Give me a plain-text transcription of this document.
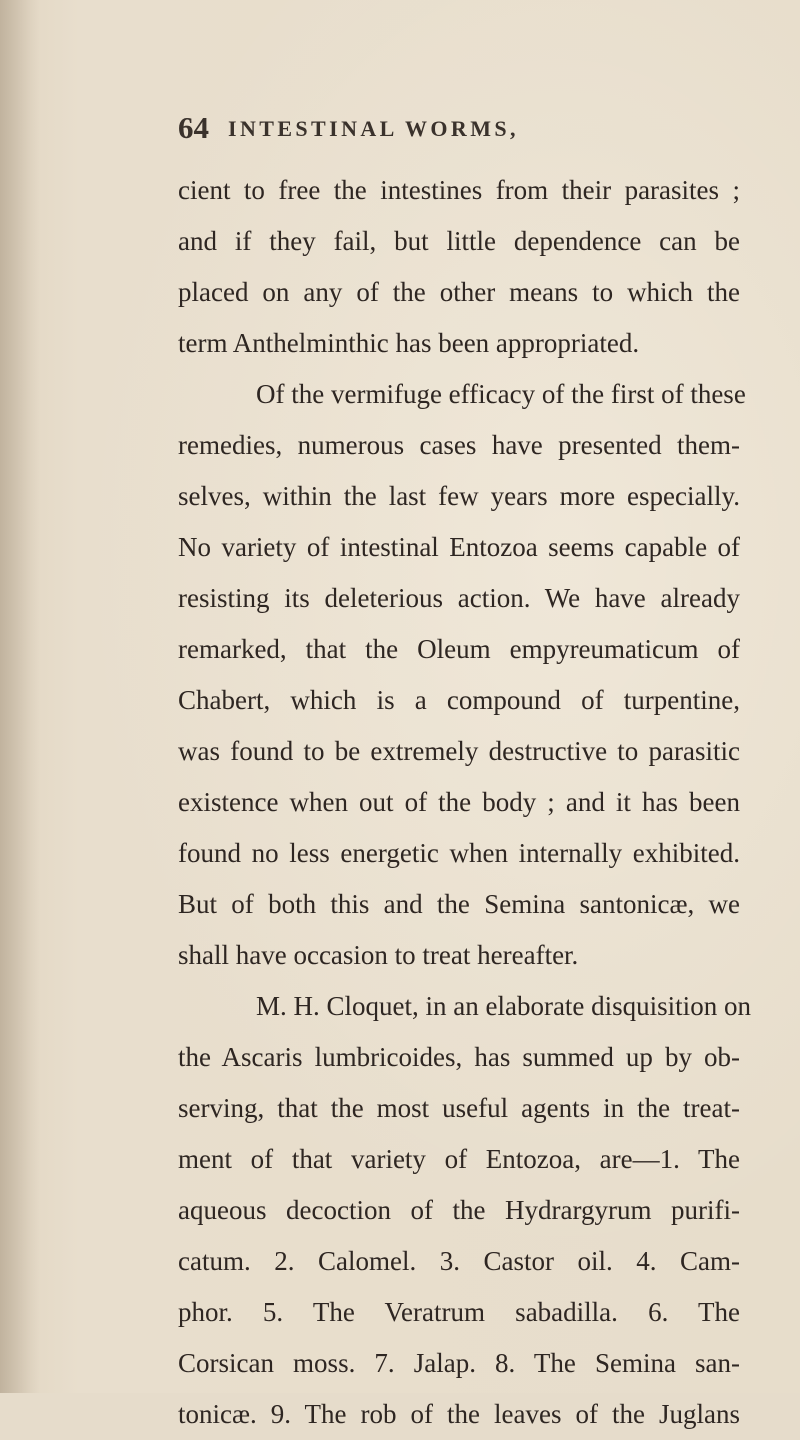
64 INTESTINAL WORMS,
cient to free the intestines from their parasites ;
and if they fail, but little dependence can be
placed on any of the other means to which the
term Anthelminthic has been appropriated.
Of the vermifuge efficacy of the first of these
remedies, numerous cases have presented them-
selves, within the last few years more especially.
No variety of intestinal Entozoa seems capable of
resisting its deleterious action. We have already
remarked, that the Oleum empyreumaticum of
Chabert, which is a compound of turpentine,
was found to be extremely destructive to parasitic
existence when out of the body ; and it has been
found no less energetic when internally exhibited.
But of both this and the Semina santonicæ, we
shall have occasion to treat hereafter.
M. H. Cloquet, in an elaborate disquisition on
the Ascaris lumbricoides, has summed up by ob-
serving, that the most useful agents in the treat-
ment of that variety of Entozoa, are—1. The
aqueous decoction of the Hydrargyrum purifi-
catum. 2. Calomel. 3. Castor oil. 4. Cam-
phor. 5. The Veratrum sabadilla. 6. The
Corsican moss. 7. Jalap. 8. The Semina san-
tonicæ. 9. The rob of the leaves of the Juglans
